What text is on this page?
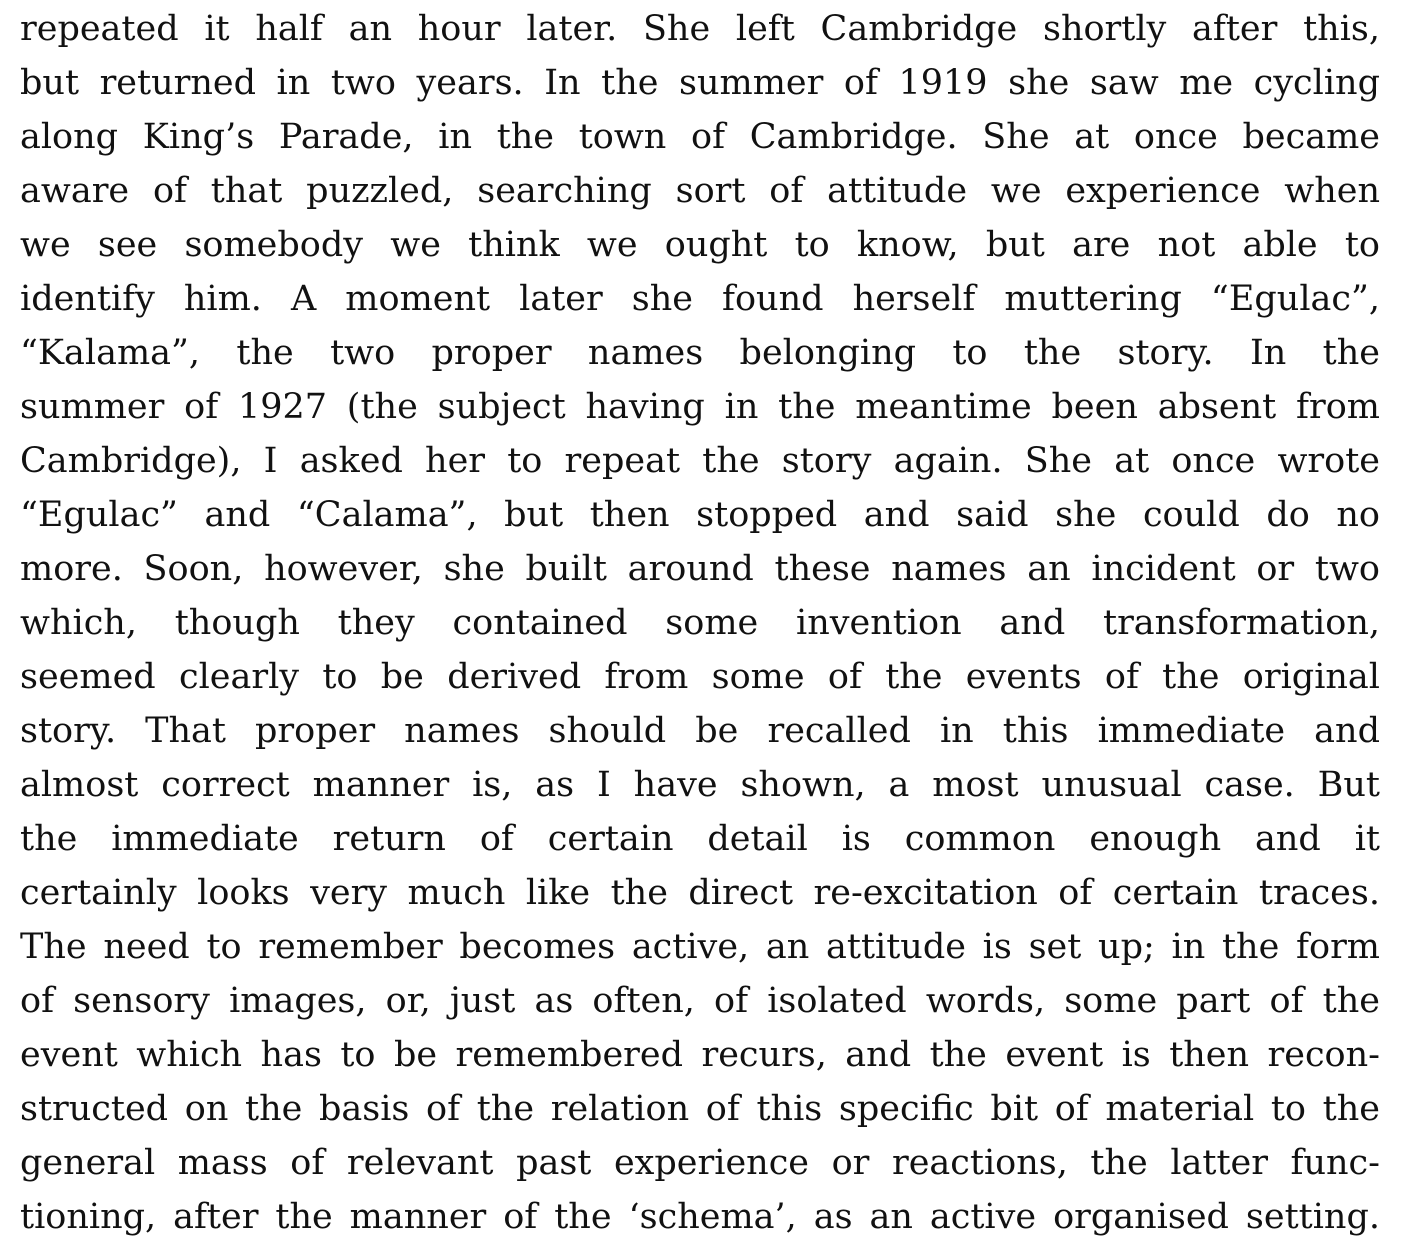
repeated it half an hour later. She left Cambridge shortly after this,
but returned in two years. In the summer of 1919 she saw me cycling
along King’s Parade, in the town of Cambridge. She at once became
aware of that puzzled, searching sort of attitude we experience when
we see somebody we think we ought to know, but are not able to
identify him. A moment later she found herself muttering “Egulac”,
“Kalama”, the two proper names belonging to the story. In the
summer of 1927 (the subject having in the meantime been absent from
Cambridge), I asked her to repeat the story again. She at once wrote
“Egulac” and “Calama”, but then stopped and said she could do no
more. Soon, however, she built around these names an incident or two
which, though they contained some invention and transformation,
seemed clearly to be derived from some of the events of the original
story. That proper names should be recalled in this immediate and
almost correct manner is, as I have shown, a most unusual case. But
the immediate return of certain detail is common enough and it
certainly looks very much like the direct re-excitation of certain traces.
The need to remember becomes active, an attitude is set up; in the form
of sensory images, or, just as often, of isolated words, some part of the
event which has to be remembered recurs, and the event is then recon-
structed on the basis of the relation of this specific bit of material to the
general mass of relevant past experience or reactions, the latter func-
tioning, after the manner of the ‘schema’, as an active organised setting.
